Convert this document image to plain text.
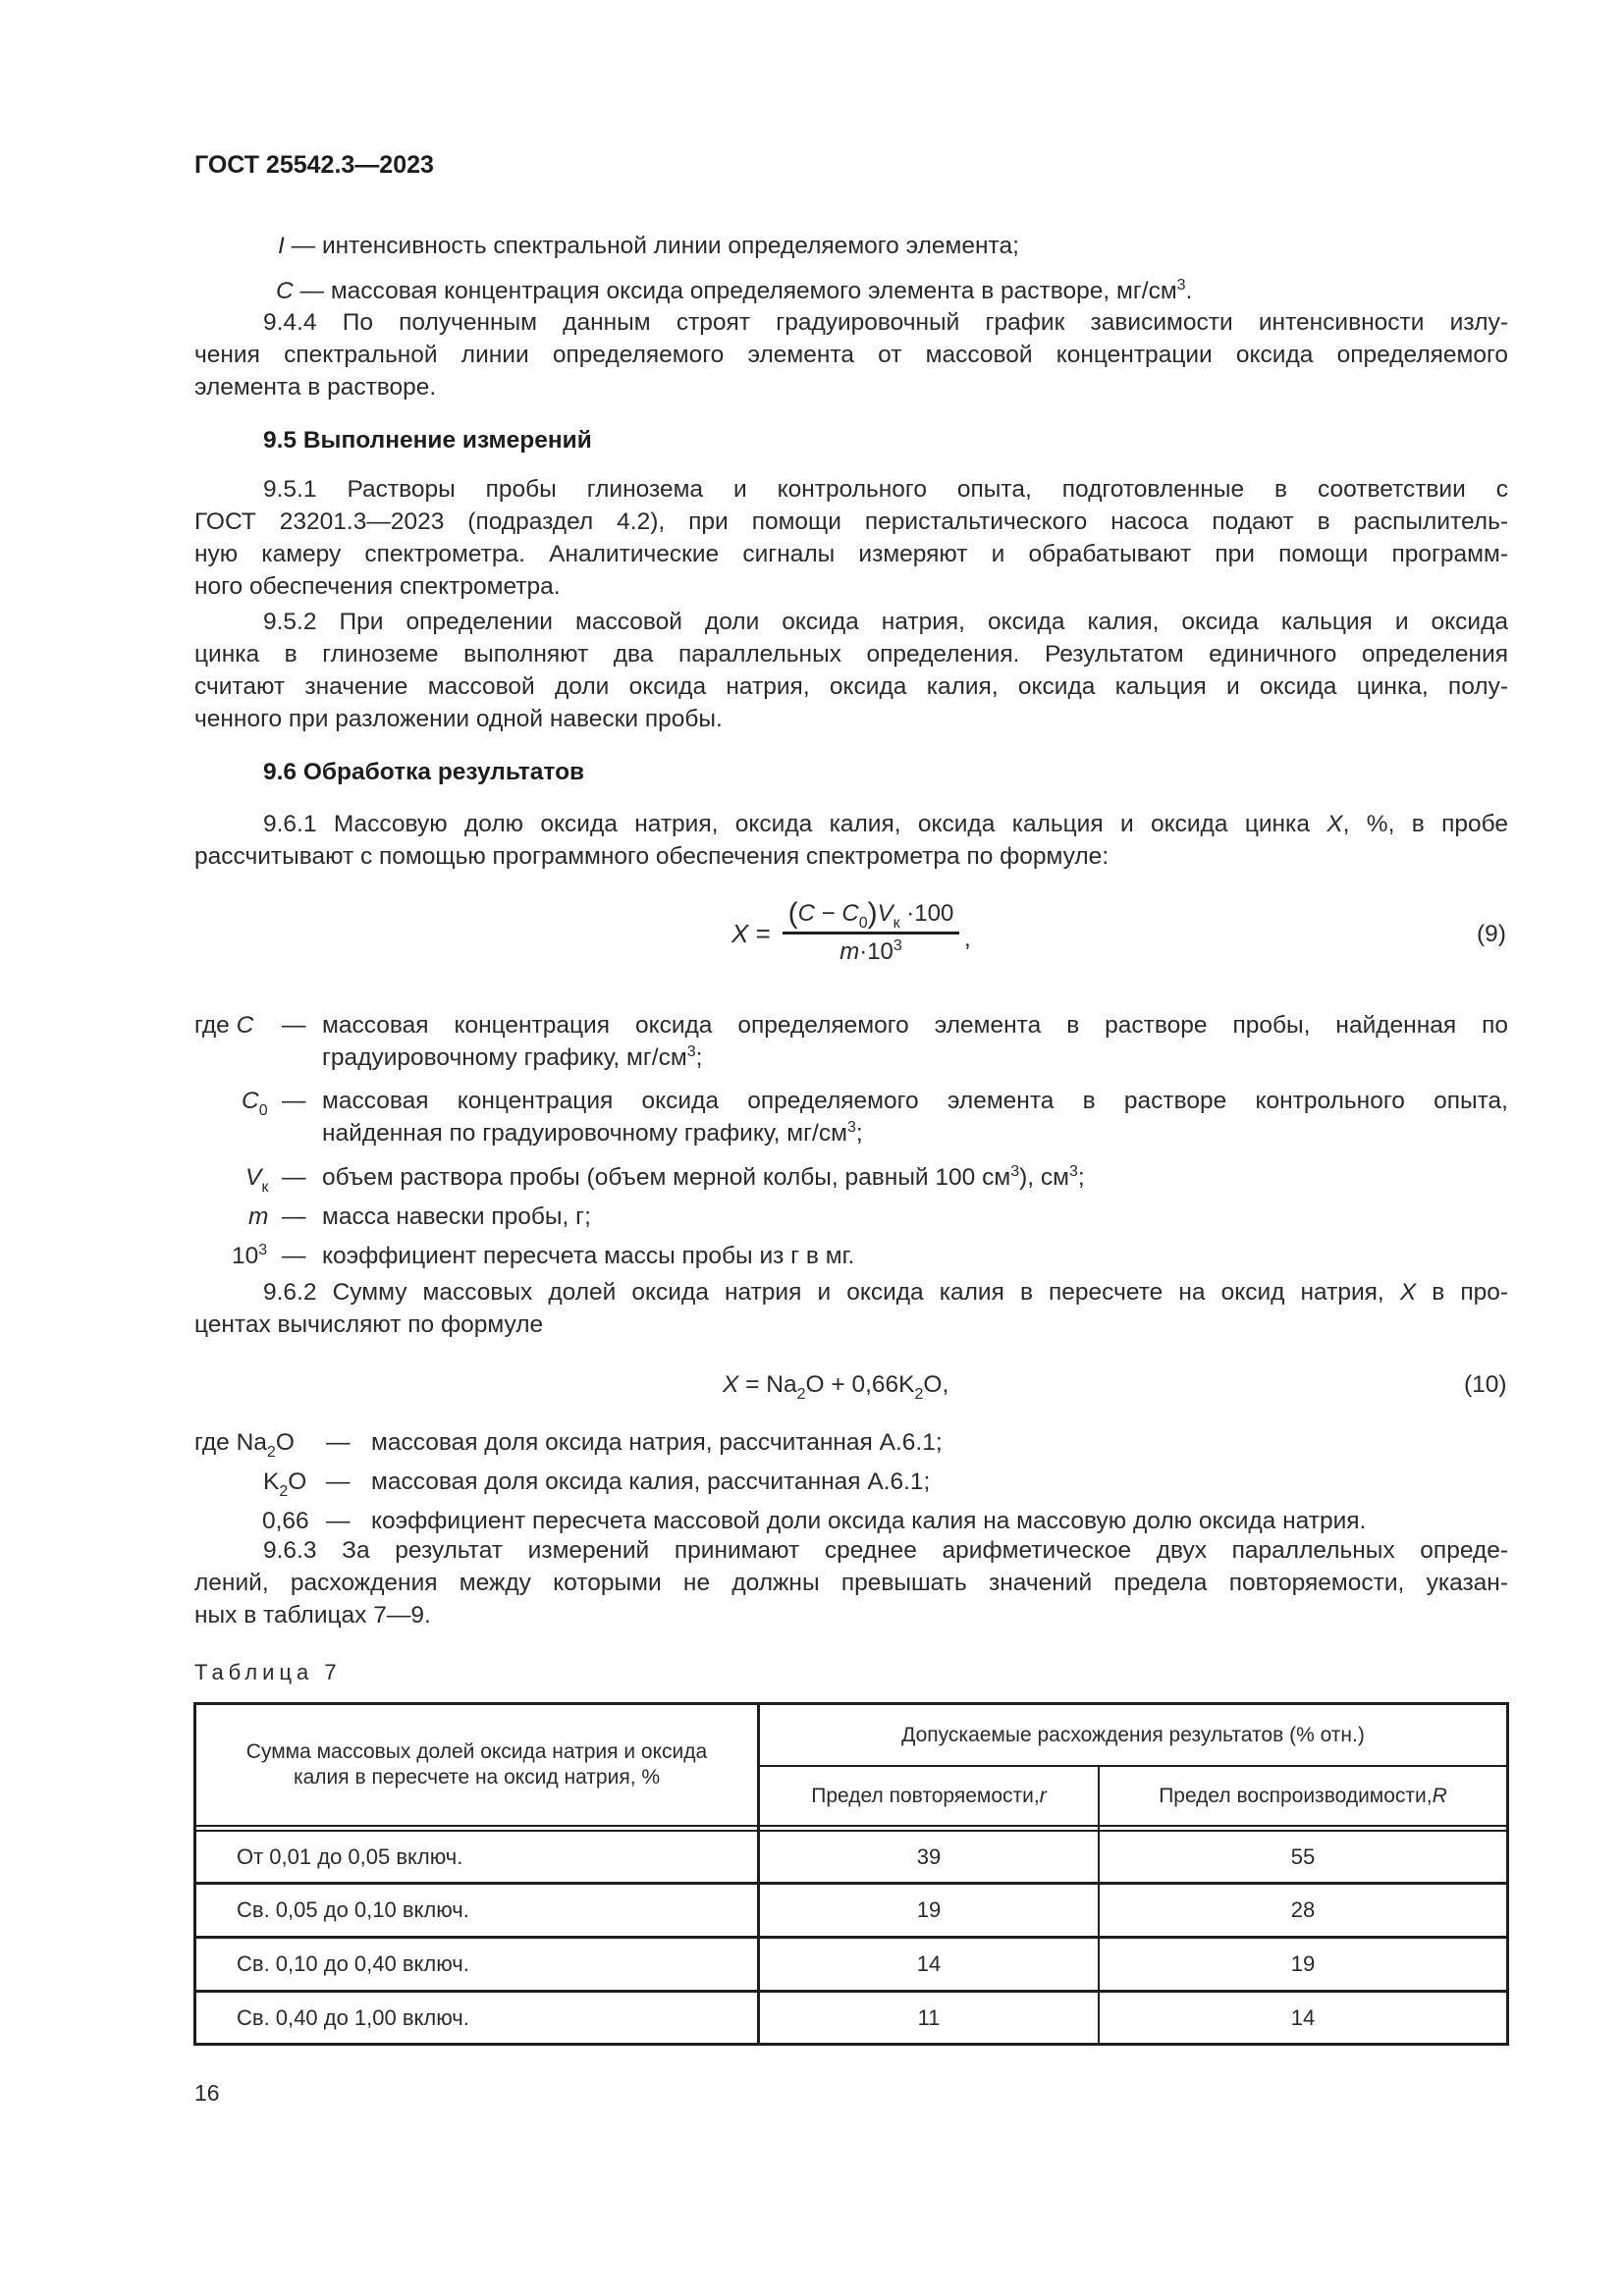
ГОСТ 25542.3—2023
I — интенсивность спектральной линии определяемого элемента;
C — массовая концентрация оксида определяемого элемента в растворе, $мг/см^3$.
9.4.4 По полученным данным строят градуировочный график зависимости интенсивности излу-
чения спектральной линии определяемого элемента от массовой концентрации оксида определяемого
элемента в растворе.
9.5 Выполнение измерений
9.5.1 Растворы пробы глинозема и контрольного опыта, подготовленные в соответствии с
ГОСТ 23201.3—2023 (подраздел 4.2), при помощи перистальтического насоса подают в распылитель-
ную камеру спектрометра. Аналитические сигналы измеряют и обрабатывают при помощи программ-
ного обеспечения спектрометра.
9.5.2 При определении массовой доли оксида натрия, оксида калия, оксида кальция и оксида
цинка в глиноземе выполняют два параллельных определения. Результатом единичного определения
считают значение массовой доли оксида натрия, оксида калия, оксида кальция и оксида цинка, полу-
ченного при разложении одной навески пробы.
9.6 Обработка результатов
9.6.1 Массовую долю оксида натрия, оксида калия, оксида кальция и оксида цинка X, %, в пробе
рассчитывают с помощью программного обеспечения спектрометра по формуле:
X =
$(C - C_0)V_к \cdot 100$
$m\cdot 10^3$	,	(9)
где C — массовая концентрация оксида определяемого элемента в растворе пробы, найденная по
градуировочному графику, $мг/см^3$;
$C_0$ — массовая концентрация оксида определяемого элемента в растворе контрольного опыта,
найденная по градуировочному графику, $мг/см^3$;
$V_к$ — объем раствора пробы (объем мерной колбы, равный 100 $см^3$), $см^3$;
m — масса навески пробы, г;
$10^3$ — коэффициент пересчета массы пробы из г в мг.
9.6.2 Сумму массовых долей оксида натрия и оксида калия в пересчете на оксид натрия, X в про-
центах вычисляют по формуле
$X = Na_2O + 0,66K_2O$,	(10)
где $Na_2O$ — массовая доля оксида натрия, рассчитанная А.6.1;
$K_2O$ — массовая доля оксида калия, рассчитанная А.6.1;
0,66 — коэффициент пересчета массовой доли оксида калия на массовую долю оксида натрия.
9.6.3 За результат измерений принимают среднее арифметическое двух параллельных опреде-
лений, расхождения между которыми не должны превышать значений предела повторяемости, указан-
ных в таблицах 7—9.
Таблица 7
Сумма массовых долей оксида натрия и оксида
калия в пересчете на оксид натрия, %
Допускаемые расхождения результатов (% отн.)
Предел повторяемости, r	Предел воспроизводимости, R
От 0,01 до 0,05 включ.	39	55
Св. 0,05 до 0,10 включ.	19	28
Св. 0,10 до 0,40 включ.	14	19
Св. 0,40 до 1,00 включ.	11	14
16
